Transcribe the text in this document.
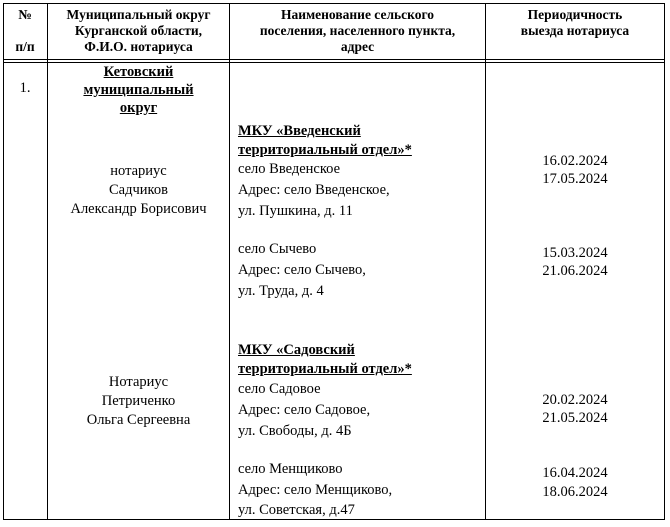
№
п/п
Муниципальный округ
Курганской области,
Ф.И.О. нотариуса
Наименование сельского
поселения, населенного пункта,
адрес
Периодичность
выезда нотариуса
1.
Кетовский
муниципальный
округ
нотариус
Садчиков
Александр Борисович
Нотариус
Петриченко
Ольга Сергеевна
МКУ «Введенский
территориальный отдел»*
село Введенское
Адрес: село Введенское,
ул. Пушкина, д. 11
село Сычево
Адрес: село Сычево,
ул. Труда, д. 4
МКУ «Садовский
территориальный отдел»*
село Садовое
Адрес: село Садовое,
ул. Свободы, д. 4Б
село Менщиково
Адрес: село Менщиково,
ул. Советская, д.47
16.02.2024
17.05.2024
15.03.2024
21.06.2024
20.02.2024
21.05.2024
16.04.2024
18.06.2024
